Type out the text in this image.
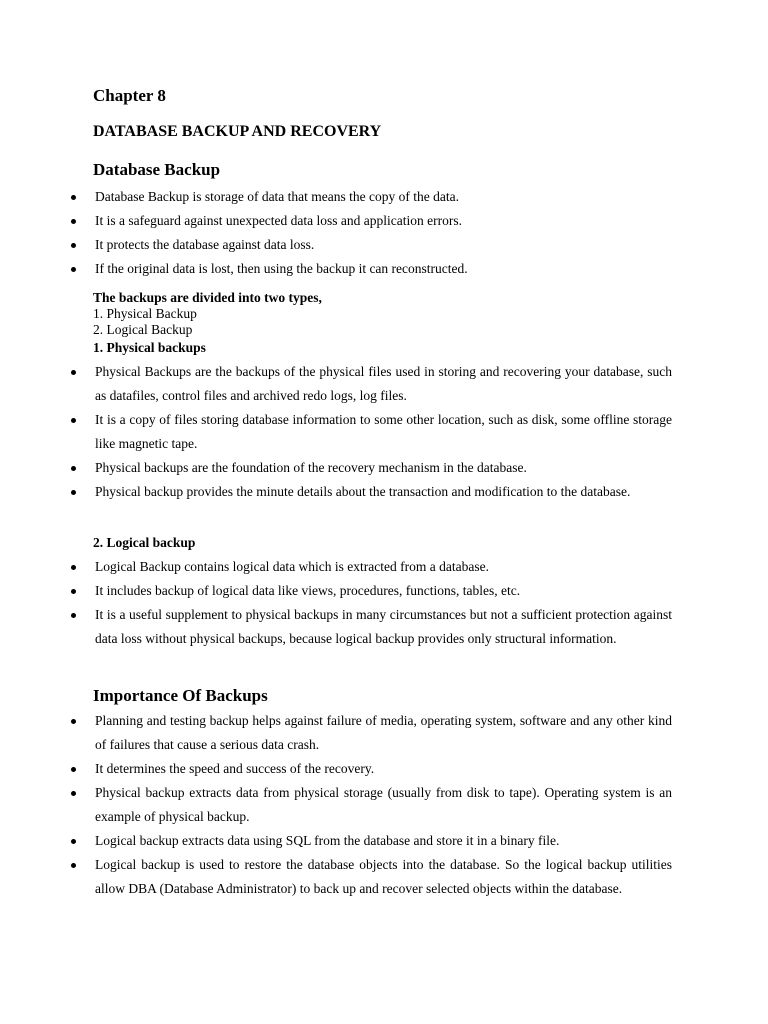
Chapter 8
DATABASE BACKUP AND RECOVERY
Database Backup
Database Backup is storage of data that means the copy of the data.
It is a safeguard against unexpected data loss and application errors.
It protects the database against data loss.
If the original data is lost, then using the backup it can reconstructed.
The backups are divided into two types,
1. Physical Backup
2. Logical Backup
1. Physical backups
Physical Backups are the backups of the physical files used in storing and recovering your database, such as datafiles, control files and archived redo logs, log files.
It is a copy of files storing database information to some other location, such as disk, some offline storage like magnetic tape.
Physical backups are the foundation of the recovery mechanism in the database.
Physical backup provides the minute details about the transaction and modification to the database.
2. Logical backup
Logical Backup contains logical data which is extracted from a database.
It includes backup of logical data like views, procedures, functions, tables, etc.
It is a useful supplement to physical backups in many circumstances but not a sufficient protection against data loss without physical backups, because logical backup provides only structural information.
Importance Of Backups
Planning and testing backup helps against failure of media, operating system, software and any other kind of failures that cause a serious data crash.
It determines the speed and success of the recovery.
Physical backup extracts data from physical storage (usually from disk to tape). Operating system is an example of physical backup.
Logical backup extracts data using SQL from the database and store it in a binary file.
Logical backup is used to restore the database objects into the database. So the logical backup utilities allow DBA (Database Administrator) to back up and recover selected objects within the database.
